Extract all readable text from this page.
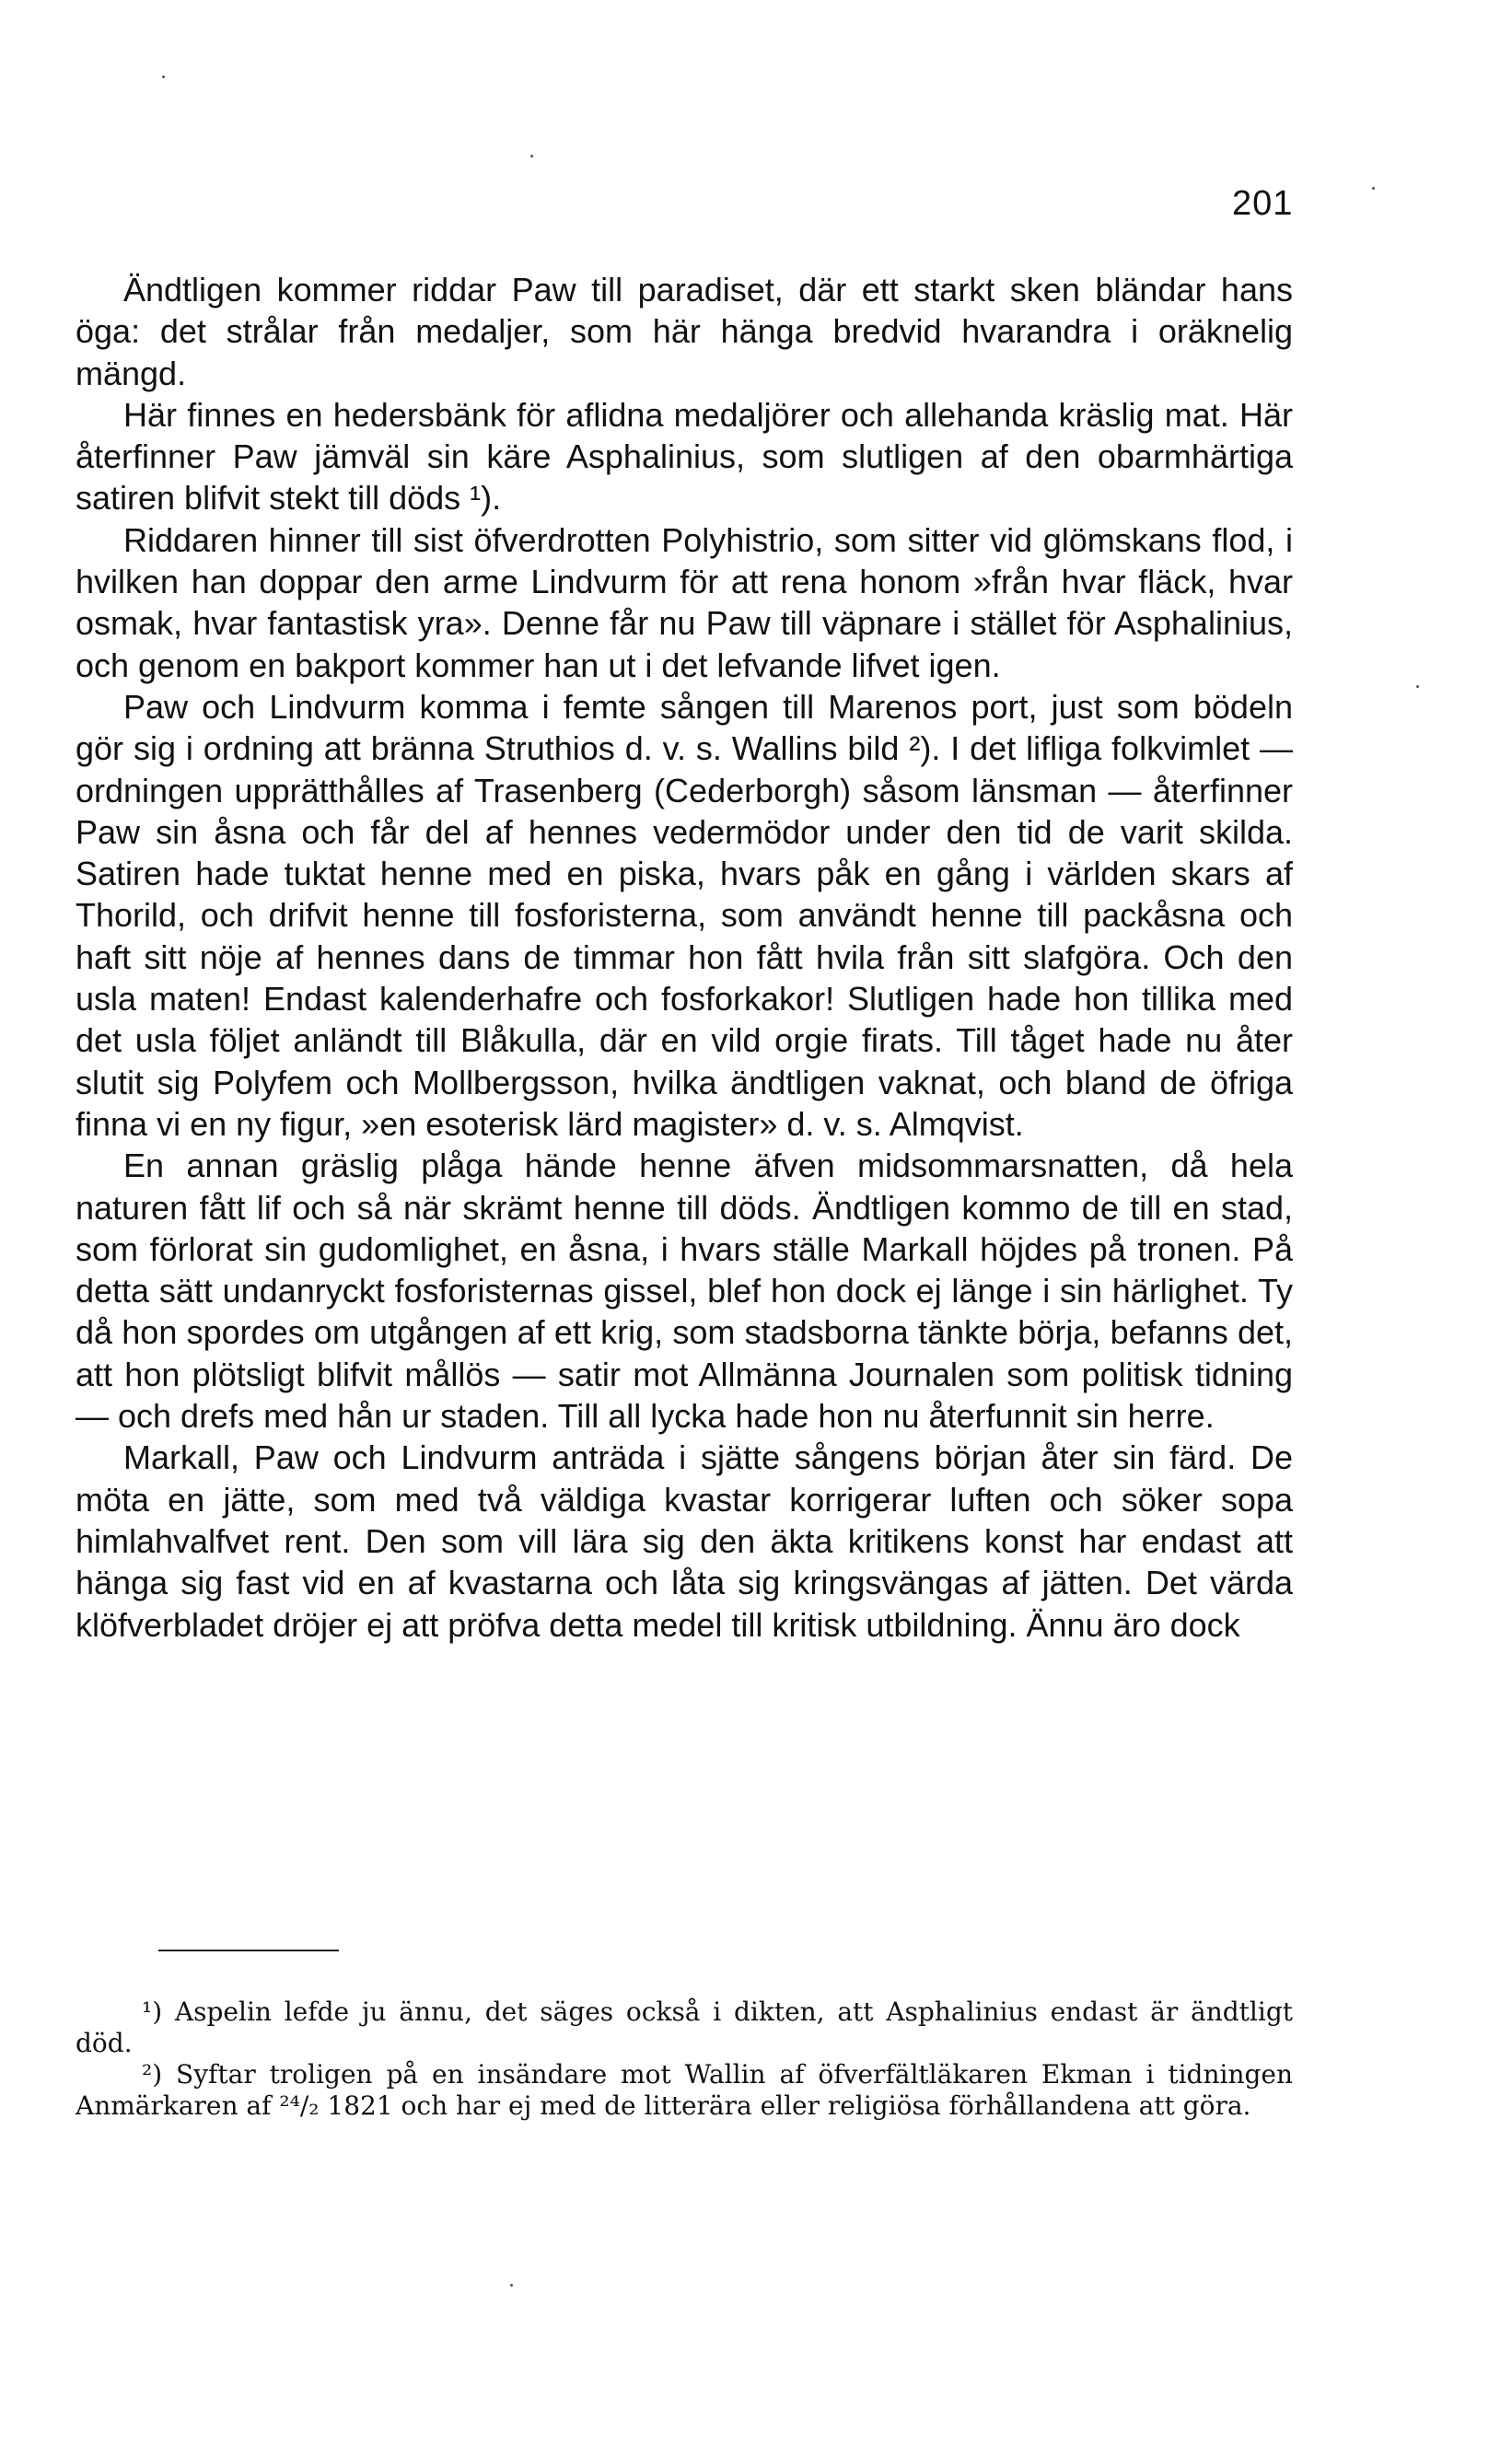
201

Ändtligen kommer riddar Paw till paradiset, där ett starkt sken bländar hans öga: det strålar från medaljer, som här hänga bredvid hvarandra i oräknelig mängd.

Här finnes en hedersbänk för aflidna medaljörer och allehanda kräslig mat. Här återfinner Paw jämväl sin käre Asphalinius, som slutligen af den obarmhärtiga satiren blifvit stekt till döds ¹).

Riddaren hinner till sist öfverdrotten Polyhistrio, som sitter vid glömskans flod, i hvilken han doppar den arme Lindvurm för att rena honom »från hvar fläck, hvar osmak, hvar fantastisk yra». Denne får nu Paw till väpnare i stället för Asphalinius, och genom en bakport kommer han ut i det lefvande lifvet igen.

Paw och Lindvurm komma i femte sången till Marenos port, just som bödeln gör sig i ordning att bränna Struthios d. v. s. Wallins bild ²). I det lifliga folkvimlet — ordningen upprätthålles af Trasenberg (Cederborgh) såsom länsman — återfinner Paw sin åsna och får del af hennes vedermödor under den tid de varit skilda. Satiren hade tuktat henne med en piska, hvars påk en gång i världen skars af Thorild, och drifvit henne till fosforisterna, som användt henne till packåsna och haft sitt nöje af hennes dans de timmar hon fått hvila från sitt slafgöra. Och den usla maten! Endast kalenderhafre och fosforkakor! Slutligen hade hon tillika med det usla följet anländt till Blåkulla, där en vild orgie firats. Till tåget hade nu åter slutit sig Polyfem och Mollbergsson, hvilka ändtligen vaknat, och bland de öfriga finna vi en ny figur, »en esoterisk lärd magister» d. v. s. Almqvist.

En annan gräslig plåga hände henne äfven midsommarsnatten, då hela naturen fått lif och så när skrämt henne till döds. Ändtligen kommo de till en stad, som förlorat sin gudomlighet, en åsna, i hvars ställe Markall höjdes på tronen. På detta sätt undanryckt fosforisternas gissel, blef hon dock ej länge i sin härlighet. Ty då hon spordes om utgången af ett krig, som stadsborna tänkte börja, befanns det, att hon plötsligt blifvit mållös — satir mot Allmänna Journalen som politisk tidning — och drefs med hån ur staden. Till all lycka hade hon nu återfunnit sin herre.

Markall, Paw och Lindvurm anträda i sjätte sångens början åter sin färd. De möta en jätte, som med två väldiga kvastar korrigerar luften och söker sopa himlahvalfvet rent. Den som vill lära sig den äkta kritikens konst har endast att hänga sig fast vid en af kvastarna och låta sig kringsvängas af jätten. Det värda klöfverbladet dröjer ej att pröfva detta medel till kritisk utbildning. Ännu äro dock

¹) Aspelin lefde ju ännu, det säges också i dikten, att Asphalinius endast är ändtligt död.

²) Syftar troligen på en insändare mot Wallin af öfverfältläkaren Ekman i tidningen Anmärkaren af ²⁴/₂ 1821 och har ej med de litterära eller religiösa förhållandena att göra.
